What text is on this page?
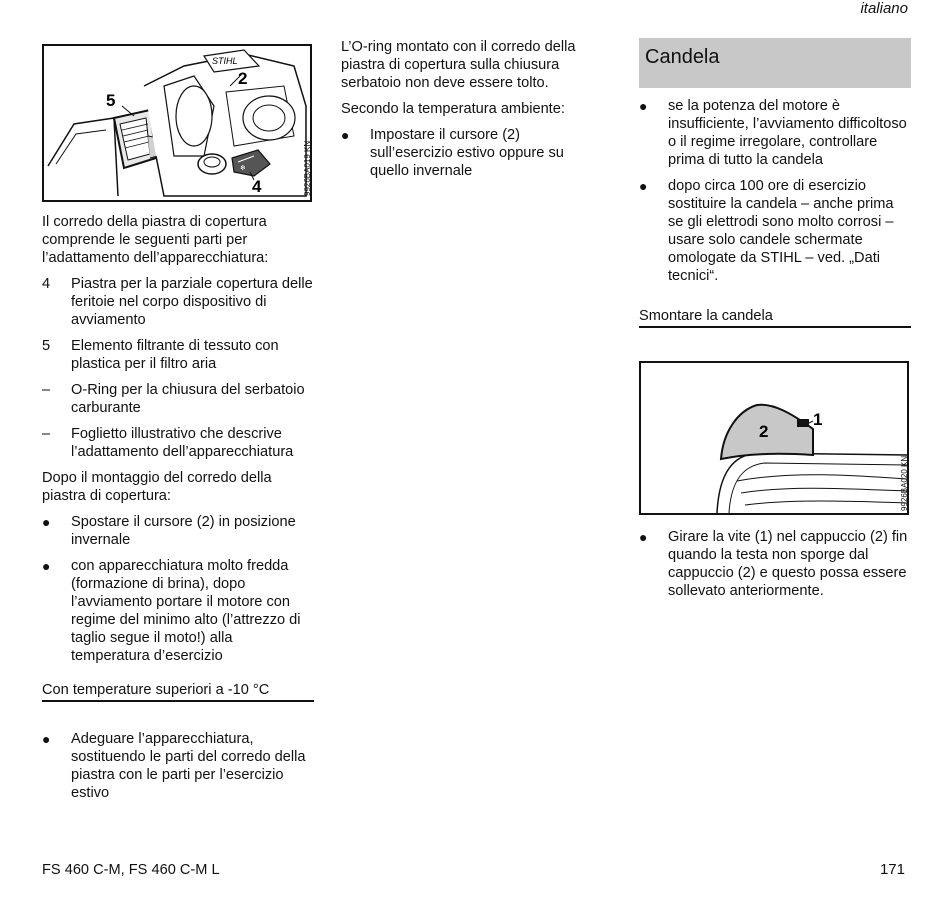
italiano
STIHL
❄
5
2
4	9926BA019 KN

Il corredo della piastra di copertura comprende le seguenti parti per l’adattamento dell’apparecchiatura:

4	Piastra per la parziale copertura delle feritoie nel corpo dispositivo di avviamento
5	Elemento filtrante di tessuto con plastica per il filtro aria
–	O-Ring per la chiusura del serbatoio carburante
–	Foglietto illustrativo che descrive l’adattamento dell’apparecchiatura

Dopo il montaggio del corredo della piastra di copertura:

●	Spostare il cursore (2) in posizione invernale
●	con apparecchiatura molto fredda (formazione di brina), dopo l’avviamento portare il motore con regime del minimo alto (l’attrezzo di taglio segue il moto!) alla temperatura d’esercizio
Con temperature superiori a -10 °C
●	Adeguare l’apparecchiatura, sostituendo le parti del corredo della piastra con le parti per l’esercizio estivo

L’O-ring montato con il corredo della piastra di copertura sulla chiusura serbatoio non deve essere tolto.

Secondo la temperatura ambiente:

●	Impostare il cursore (2) sull’esercizio estivo oppure su quello invernale
Candela
●	se la potenza del motore è insufficiente, l’avviamento difficoltoso o il regime irregolare, controllare prima di tutto la candela
●	dopo circa 100 ore di esercizio sostituire la candela – anche prima se gli elettrodi sono molto corrosi – usare solo candele schermate omologate da STIHL – ved. „Dati tecnici“.
Smontare la candela
2
1
9926BA020 KN
●	Girare la vite (1) nel cappuccio (2) fin quando la testa non sporge dal cappuccio (2) e questo possa essere sollevato anteriormente.
FS 460 C-M, FS 460 C-M L	171
